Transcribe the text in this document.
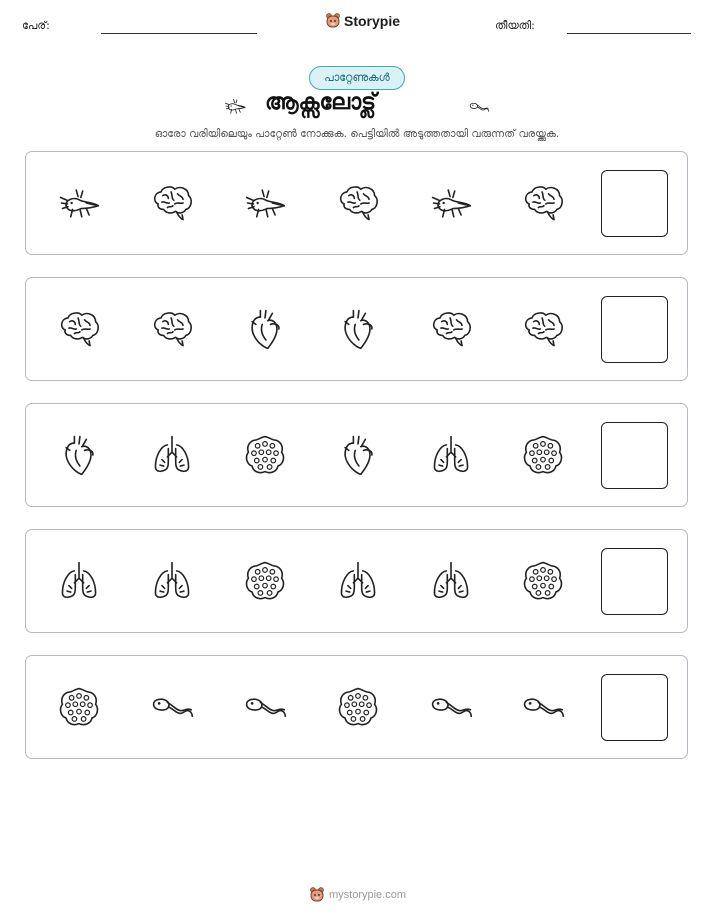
പേര്:	Storypie	തീയതി:
പാറ്റേണുകൾ
ആക്സലോട്ല്
ഓരോ വരിയിലെയും പാറ്റേൺ നോക്കുക. പെട്ടിയിൽ അടുത്തതായി വരുന്നത് വരയ്ക്കുക.
mystorypie.com
